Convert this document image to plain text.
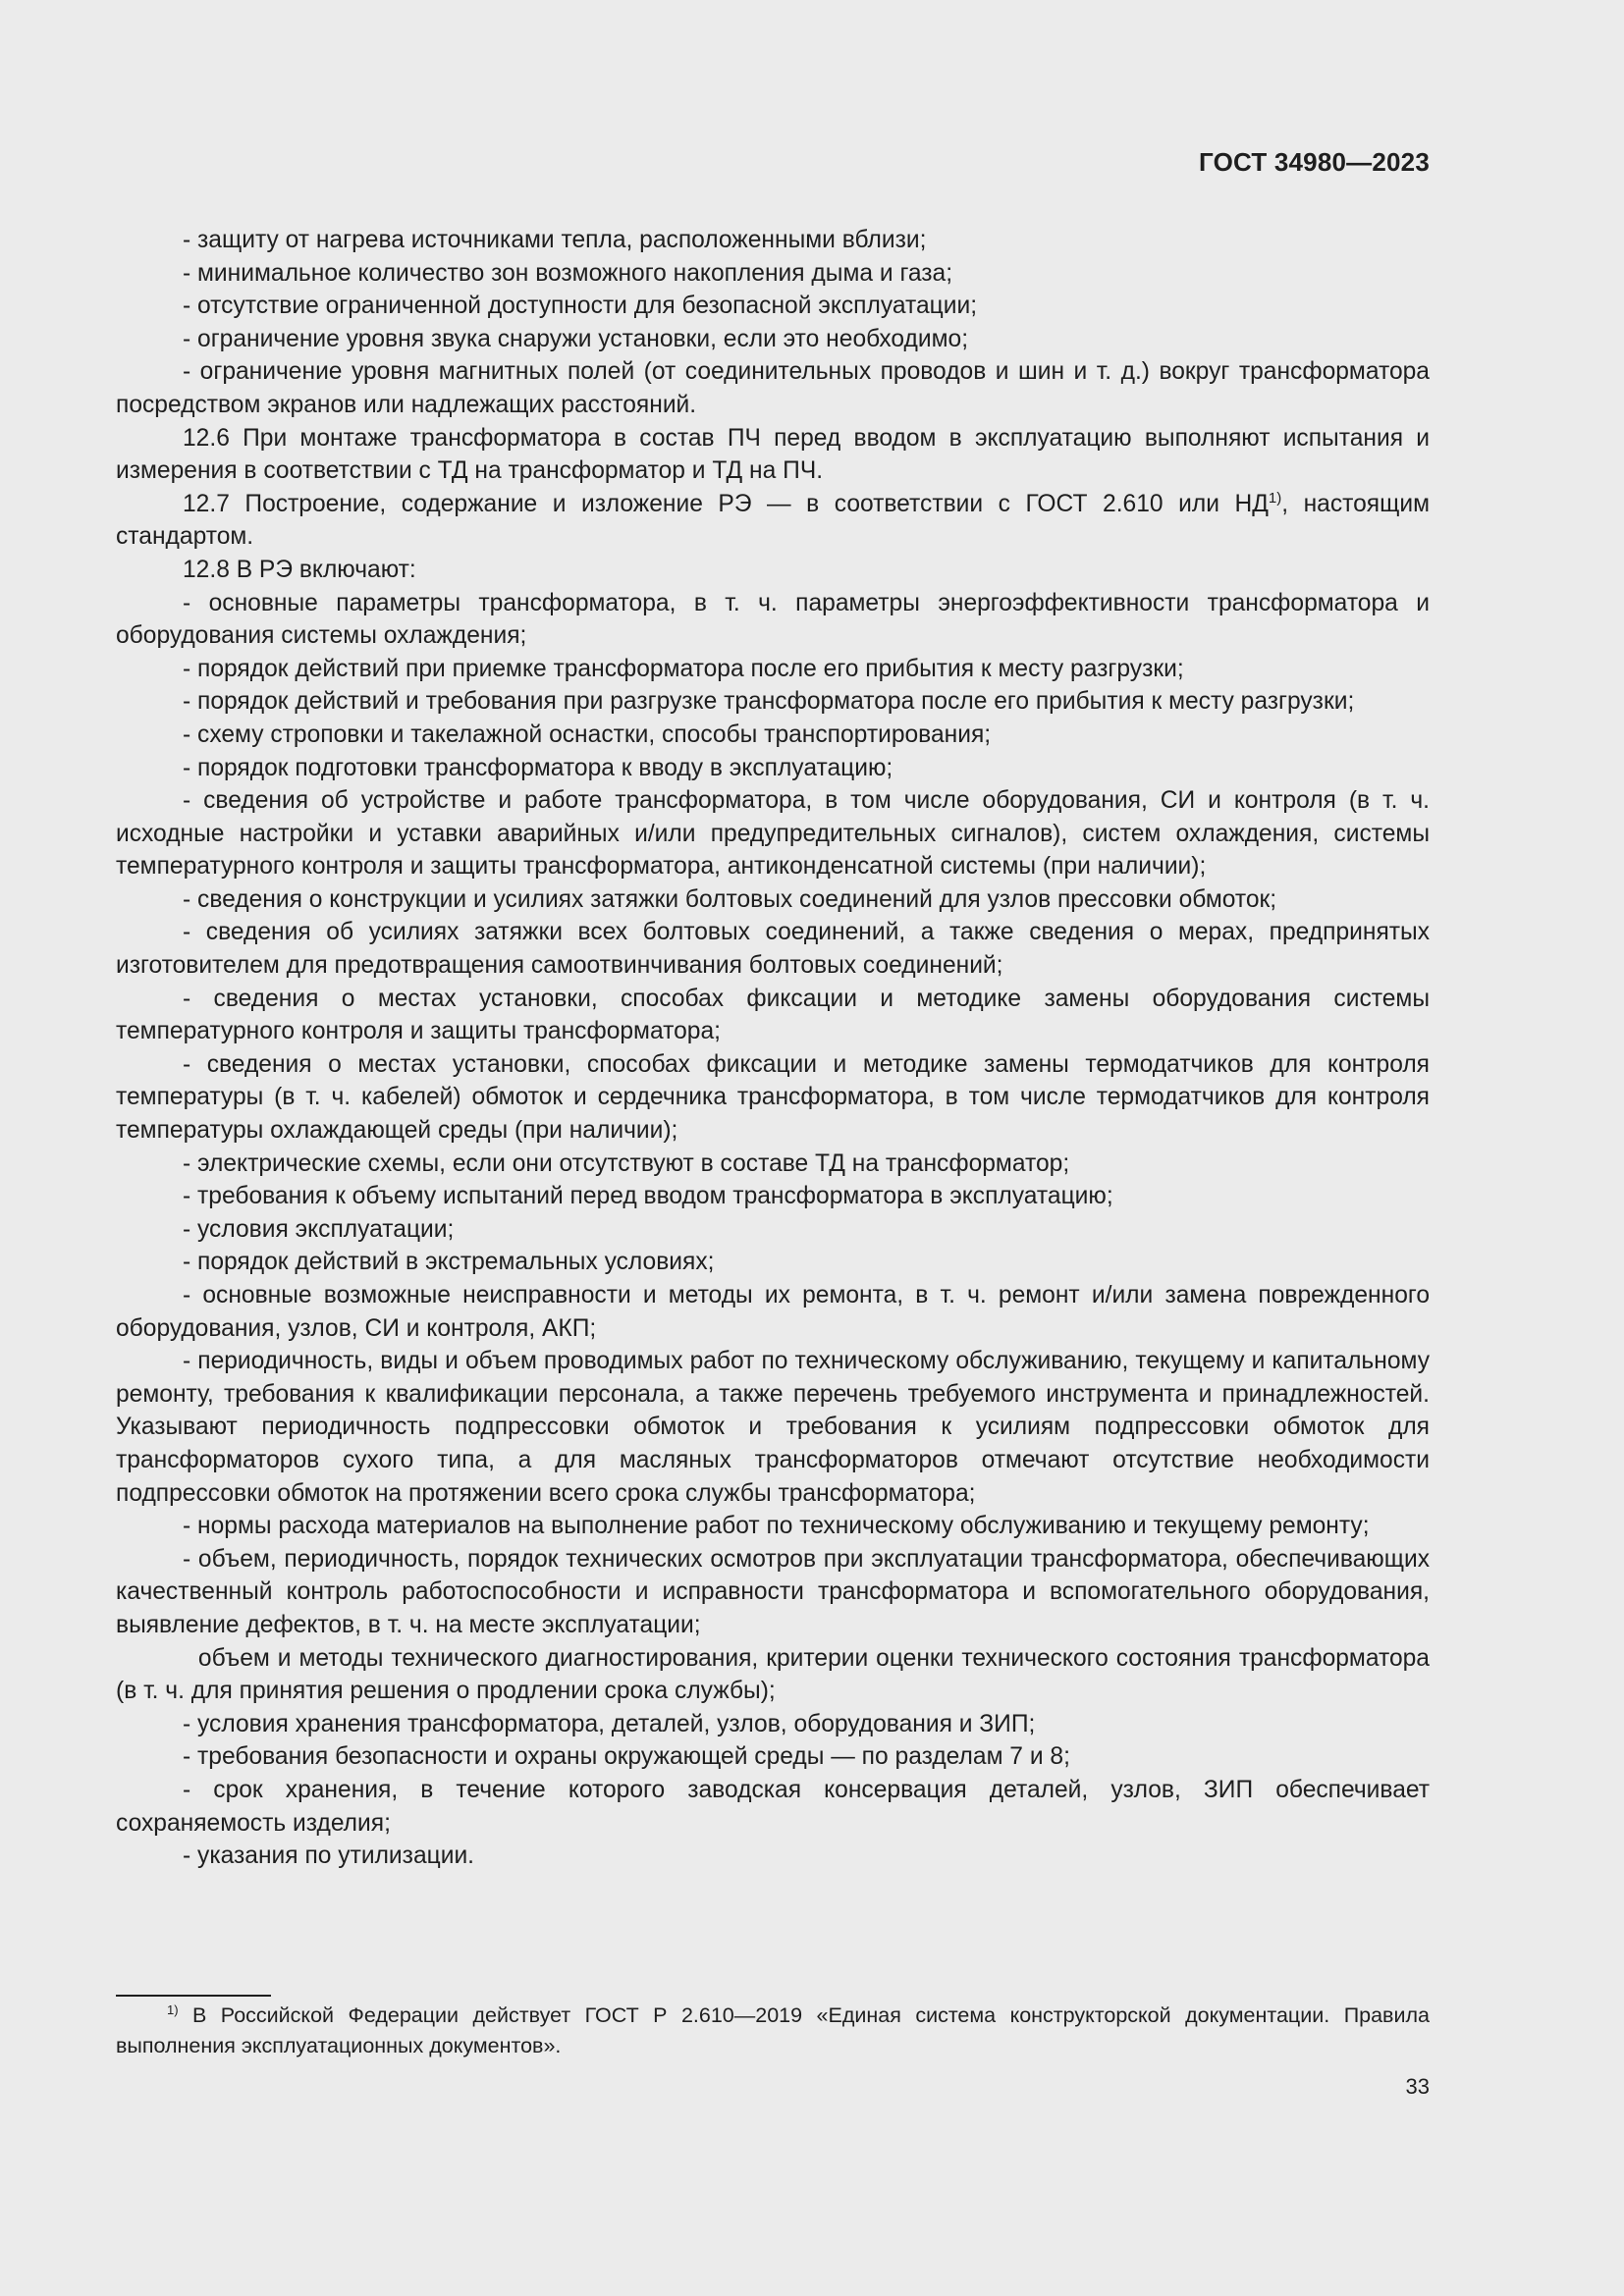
ГОСТ 34980—2023

- защиту от нагрева источниками тепла, расположенными вблизи;

- минимальное количество зон возможного накопления дыма и газа;

- отсутствие ограниченной доступности для безопасной эксплуатации;

- ограничение уровня звука снаружи установки, если это необходимо;

- ограничение уровня магнитных полей (от соединительных проводов и шин и т. д.) вокруг трансформатора посредством экранов или надлежащих расстояний.

12.6 При монтаже трансформатора в состав ПЧ перед вводом в эксплуатацию выполняют испытания и измерения в соответствии с ТД на трансформатор и ТД на ПЧ.

12.7 Построение, содержание и изложение РЭ — в соответствии с ГОСТ 2.610 или НД$^{1)}$, настоящим стандартом.

12.8 В РЭ включают:

- основные параметры трансформатора, в т. ч. параметры энергоэффективности трансформатора и оборудования системы охлаждения;

- порядок действий при приемке трансформатора после его прибытия к месту разгрузки;

- порядок действий и требования при разгрузке трансформатора после его прибытия к месту разгрузки;

- схему строповки и такелажной оснастки, способы транспортирования;

- порядок подготовки трансформатора к вводу в эксплуатацию;

- сведения об устройстве и работе трансформатора, в том числе оборудования, СИ и контроля (в т. ч. исходные настройки и уставки аварийных и/или предупредительных сигналов), систем охлаждения, системы температурного контроля и защиты трансформатора, антиконденсатной системы (при наличии);

- сведения о конструкции и усилиях затяжки болтовых соединений для узлов прессовки обмоток;

- сведения об усилиях затяжки всех болтовых соединений, а также сведения о мерах, предпринятых изготовителем для предотвращения самоотвинчивания болтовых соединений;

- сведения о местах установки, способах фиксации и методике замены оборудования системы температурного контроля и защиты трансформатора;

- сведения о местах установки, способах фиксации и методике замены термодатчиков для контроля температуры (в т. ч. кабелей) обмоток и сердечника трансформатора, в том числе термодатчиков для контроля температуры охлаждающей среды (при наличии);

- электрические схемы, если они отсутствуют в составе ТД на трансформатор;

- требования к объему испытаний перед вводом трансформатора в эксплуатацию;

- условия эксплуатации;

- порядок действий в экстремальных условиях;

- основные возможные неисправности и методы их ремонта, в т. ч. ремонт и/или замена поврежденного оборудования, узлов, СИ и контроля, АКП;

- периодичность, виды и объем проводимых работ по техническому обслуживанию, текущему и капитальному ремонту, требования к квалификации персонала, а также перечень требуемого инструмента и принадлежностей. Указывают периодичность подпрессовки обмоток и требования к усилиям подпрессовки обмоток для трансформаторов сухого типа, а для масляных трансформаторов отмечают отсутствие необходимости подпрессовки обмоток на протяжении всего срока службы трансформатора;

- нормы расхода материалов на выполнение работ по техническому обслуживанию и текущему ремонту;

- объем, периодичность, порядок технических осмотров при эксплуатации трансформатора, обеспечивающих качественный контроль работоспособности и исправности трансформатора и вспомогательного оборудования, выявление дефектов, в т. ч. на месте эксплуатации;

объем и методы технического диагностирования, критерии оценки технического состояния трансформатора (в т. ч. для принятия решения о продлении срока службы);

- условия хранения трансформатора, деталей, узлов, оборудования и ЗИП;

- требования безопасности и охраны окружающей среды — по разделам 7 и 8;

- срок хранения, в течение которого заводская консервация деталей, узлов, ЗИП обеспечивает сохраняемость изделия;

- указания по утилизации.

$^{1)}$ В Российской Федерации действует ГОСТ Р 2.610—2019 «Единая система конструкторской документации. Правила выполнения эксплуатационных документов».

33
